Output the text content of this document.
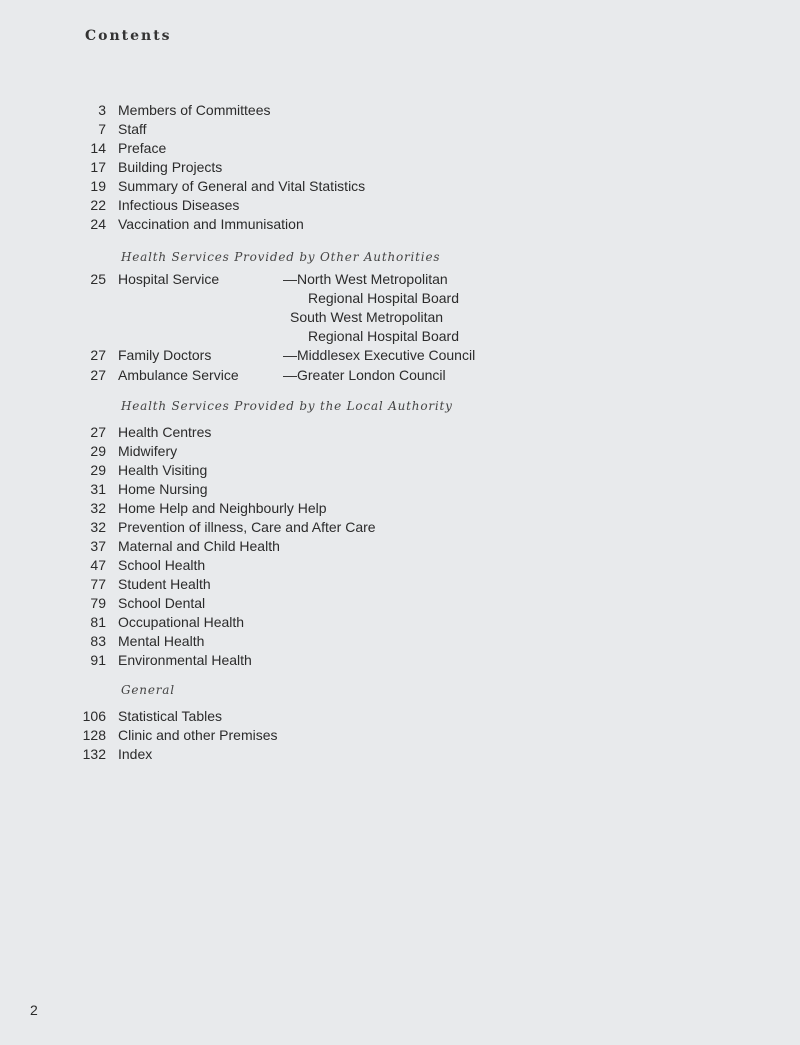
Contents
3 Members of Committees
7 Staff
14 Preface
17 Building Projects
19 Summary of General and Vital Statistics
22 Infectious Diseases
24 Vaccination and Immunisation
Health Services Provided by Other Authorities
25 Hospital Service	—North West Metropolitan
Regional Hospital Board
South West Metropolitan
Regional Hospital Board
27 Family Doctors	—Middlesex Executive Council
27 Ambulance Service	—Greater London Council
Health Services Provided by the Local Authority
27 Health Centres
29 Midwifery
29 Health Visiting
31 Home Nursing
32 Home Help and Neighbourly Help
32 Prevention of illness, Care and After Care
37 Maternal and Child Health
47 School Health
77 Student Health
79 School Dental
81 Occupational Health
83 Mental Health
91 Environmental Health
General
106 Statistical Tables
128 Clinic and other Premises
132 Index
2
